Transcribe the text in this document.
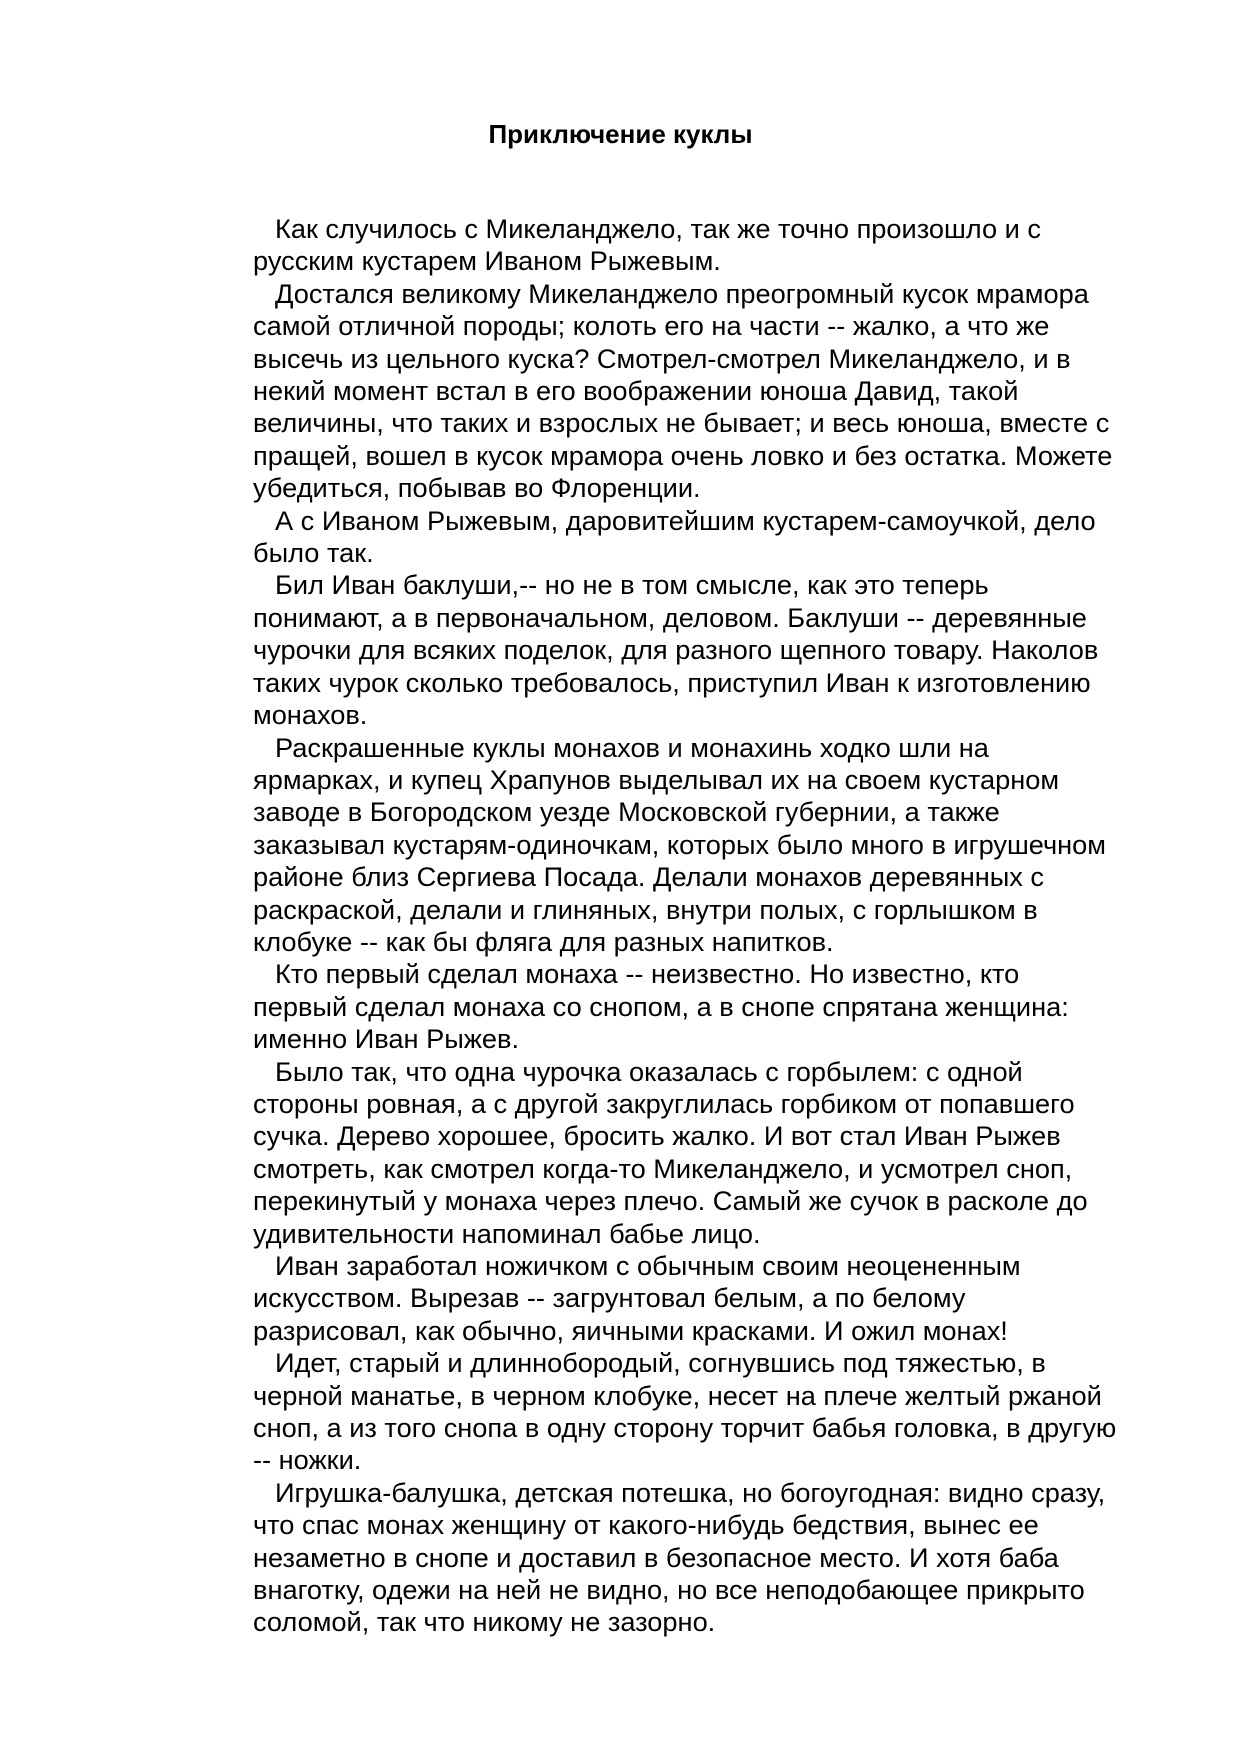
Приключение куклы

Как случилось с Микеланджело, так же точно произошло и с
русским кустарем Иваном Рыжевым.

Достался великому Микеланджело преогромный кусок мрамора
самой отличной породы; колоть его на части -- жалко, а что же
высечь из цельного куска? Смотрел-смотрел Микеланджело, и в
некий момент встал в его воображении юноша Давид, такой
величины, что таких и взрослых не бывает; и весь юноша, вместе с
пращей, вошел в кусок мрамора очень ловко и без остатка. Можете
убедиться, побывав во Флоренции.

А с Иваном Рыжевым, даровитейшим кустарем-самоучкой, дело
было так.

Бил Иван баклуши,-- но не в том смысле, как это теперь
понимают, а в первоначальном, деловом. Баклуши -- деревянные
чурочки для всяких поделок, для разного щепного товару. Наколов
таких чурок сколько требовалось, приступил Иван к изготовлению
монахов.

Раскрашенные куклы монахов и монахинь ходко шли на
ярмарках, и купец Храпунов выделывал их на своем кустарном
заводе в Богородском уезде Московской губернии, а также
заказывал кустарям-одиночкам, которых было много в игрушечном
районе близ Сергиева Посада. Делали монахов деревянных с
раскраской, делали и глиняных, внутри полых, с горлышком в
клобуке -- как бы фляга для разных напитков.

Кто первый сделал монаха -- неизвестно. Но известно, кто
первый сделал монаха со снопом, а в снопе спрятана женщина:
именно Иван Рыжев.

Было так, что одна чурочка оказалась с горбылем: с одной
стороны ровная, а с другой закруглилась горбиком от попавшего
сучка. Дерево хорошее, бросить жалко. И вот стал Иван Рыжев
смотреть, как смотрел когда-то Микеланджело, и усмотрел сноп,
перекинутый у монаха через плечо. Самый же сучок в расколе до
удивительности напоминал бабье лицо.

Иван заработал ножичком с обычным своим неоцененным
искусством. Вырезав -- загрунтовал белым, а по белому
разрисовал, как обычно, яичными красками. И ожил монах!

Идет, старый и длиннобородый, согнувшись под тяжестью, в
черной манатье, в черном клобуке, несет на плече желтый ржаной
сноп, а из того снопа в одну сторону торчит бабья головка, в другую
-- ножки.

Игрушка-балушка, детская потешка, но богоугодная: видно сразу,
что спас монах женщину от какого-нибудь бедствия, вынес ее
незаметно в снопе и доставил в безопасное место. И хотя баба
внаготку, одежи на ней не видно, но все неподобающее прикрыто
соломой, так что никому не зазорно.
